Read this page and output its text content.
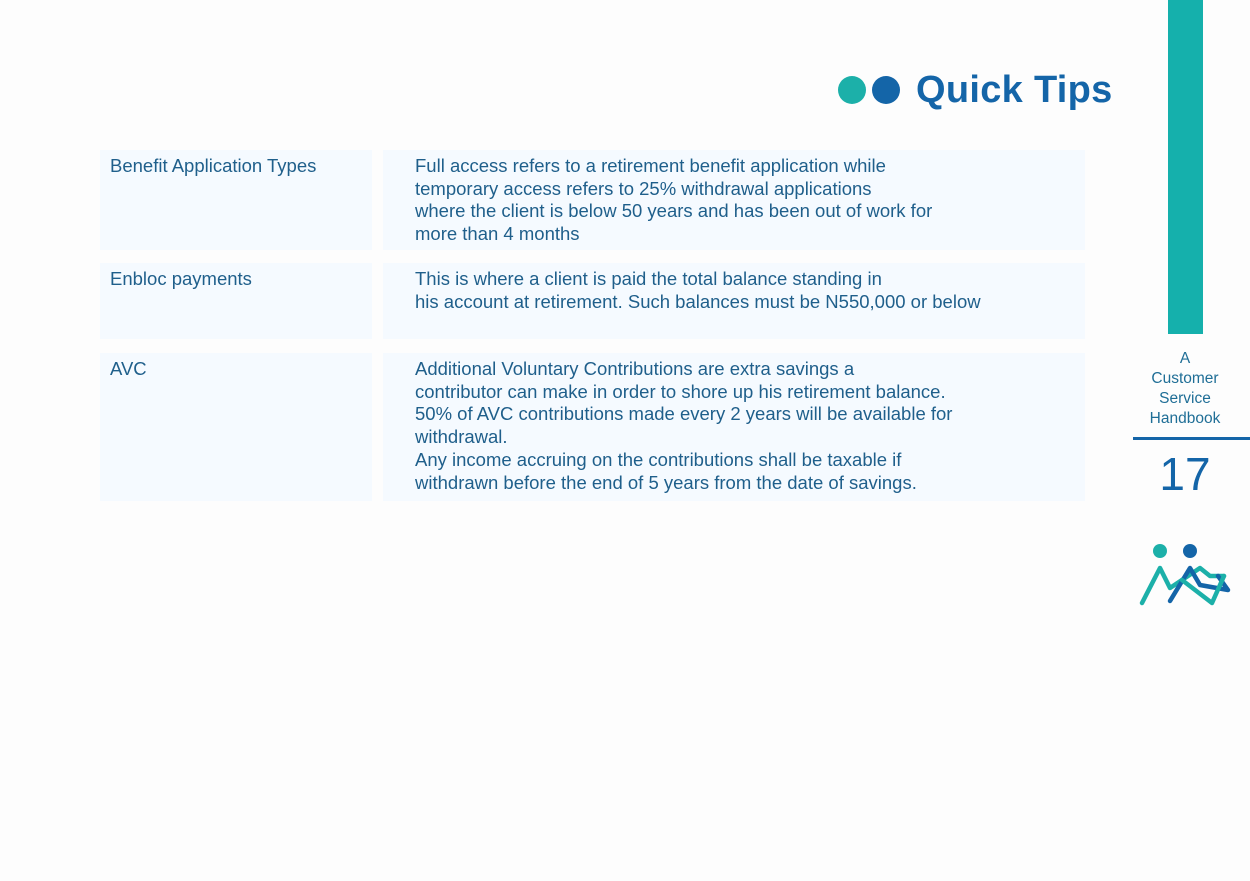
Quick Tips
Benefit Application Types	Full access refers to a retirement benefit application while
temporary access refers to 25% withdrawal applications
where the client is below 50 years and has been out of work for
more than 4 months
Enbloc payments	This is where a client is paid the total balance standing in
his account at retirement. Such balances must be N550,000 or below
AVC	Additional Voluntary Contributions are extra savings a
contributor can make in order to shore up his retirement balance.
50% of AVC contributions made every 2 years will be available for
withdrawal.
Any income accruing on the contributions shall be taxable if
withdrawn before the end of 5 years from the date of savings.
A
Customer
Service
Handbook
17
